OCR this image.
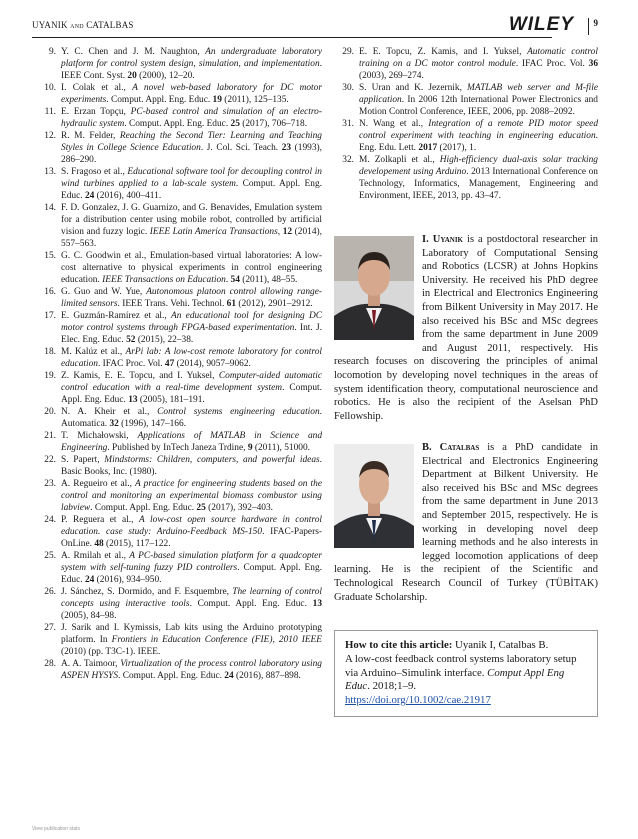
UYANIK and CATALBAS	WILEY	9
9. Y. C. Chen and J. M. Naughton, An undergraduate laboratory platform for control system design, simulation, and implementation. IEEE Cont. Syst. 20 (2000), 12–20.
10. I. Colak et al., A novel web-based laboratory for DC motor experiments. Comput. Appl. Eng. Educ. 19 (2011), 125–135.
11. E. Erzan Topçu, PC-based control and simulation of an electro-hydraulic system. Comput. Appl. Eng. Educ. 25 (2017), 706–718.
12. R. M. Felder, Reaching the Second Tier: Learning and Teaching Styles in College Science Education. J. Col. Sci. Teach. 23 (1993), 286–290.
13. S. Fragoso et al., Educational software tool for decoupling control in wind turbines applied to a lab-scale system. Comput. Appl. Eng. Educ. 24 (2016), 400–411.
14. F. D. Gonzalez, J. G. Guarnizo, and G. Benavides, Emulation system for a distribution center using mobile robot, controlled by artificial vision and fuzzy logic. IEEE Latin America Transactions, 12 (2014), 557–563.
15. G. C. Goodwin et al., Emulation-based virtual laboratories: A low-cost alternative to physical experiments in control engineering education. IEEE Transactions on Education. 54 (2011), 48–55.
16. G. Guo and W. Yue, Autonomous platoon control allowing range-limited sensors. IEEE Trans. Vehi. Technol. 61 (2012), 2901–2912.
17. E. Guzmán-Ramírez et al., An educational tool for designing DC motor control systems through FPGA-based experimentation. Int. J. Elec. Eng. Educ. 52 (2015), 22–38.
18. M. Kalúz et al., ArPi lab: A low-cost remote laboratory for control education. IFAC Proc. Vol. 47 (2014), 9057–9062.
19. Z. Kamis, E. E. Topcu, and I. Yuksel, Computer-aided automatic control education with a real-time development system. Comput. Appl. Eng. Educ. 13 (2005), 181–191.
20. N. A. Kheir et al., Control systems engineering education. Automatica. 32 (1996), 147–166.
21. T. Michałowski, Applications of MATLAB in Science and Engineering. Published by InTech Janeza Trdine, 9 (2011), 51000.
22. S. Papert, Mindstorms: Children, computers, and powerful ideas. Basic Books, Inc. (1980).
23. A. Regueiro et al., A practice for engineering students based on the control and monitoring an experimental biomass combustor using labview. Comput. Appl. Eng. Educ. 25 (2017), 392–403.
24. P. Reguera et al., A low-cost open source hardware in control education. case study: Arduino-Feedback MS-150. IFAC-Papers-OnLine. 48 (2015), 117–122.
25. A. Rmilah et al., A PC-based simulation platform for a quadcopter system with self-tuning fuzzy PID controllers. Comput. Appl. Eng. Educ. 24 (2016), 934–950.
26. J. Sánchez, S. Dormido, and F. Esquembre, The learning of control concepts using interactive tools. Comput. Appl. Eng. Educ. 13 (2005), 84–98.
27. J. Sarik and I. Kymissis, Lab kits using the Arduino prototyping platform. In Frontiers in Education Conference (FIE), 2010 IEEE (2010) (pp. T3C-1). IEEE.
28. A. A. Taimoor, Virtualization of the process control laboratory using ASPEN HYSYS. Comput. Appl. Eng. Educ. 24 (2016), 887–898.
29. E. E. Topcu, Z. Kamis, and I. Yuksel, Automatic control training on a DC motor control module. IFAC Proc. Vol. 36 (2003), 269–274.
30. S. Uran and K. Jezernik, MATLAB web server and M-file application. In 2006 12th International Power Electronics and Motion Control Conference, IEEE, 2006, pp. 2088–2092.
31. N. Wang et al., Integration of a remote PID motor speed control experiment with teaching in engineering education. Eng. Edu. Lett. 2017 (2017), 1.
32. M. Zolkapli et al., High-efficiency dual-axis solar tracking developement using Arduino. 2013 International Conference on Technology, Informatics, Management, Engineering and Environment, IEEE, 2013, pp. 43–47.
I. Uyanik is a postdoctoral researcher in Laboratory of Computational Sensing and Robotics (LCSR) at Johns Hopkins University. He received his PhD degree in Electrical and Electronics Engineering from Bilkent University in May 2017. He also received his BSc and MSc degrees from the same department in June 2009 and August 2011, respectively. His research focuses on discovering the principles of animal locomotion by developing novel techniques in the areas of system identification theory, computational neuroscience and robotics. He is also the recipient of the Aselsan PhD Fellowship.
B. Catalbas is a PhD candidate in Electrical and Electronics Engineering Department at Bilkent University. He also received his BSc and MSc degrees from the same department in June 2013 and September 2015, respectively. He is working in developing novel deep learning methods and he also interests in legged locomotion applications of deep learning. He is the recipient of the Scientific and Technological Research Council of Turkey (TÜBİTAK) Graduate Scholarship.
How to cite this article: Uyanik I, Catalbas B.
A low-cost feedback control systems laboratory setup via Arduino–Simulink interface. Comput Appl Eng Educ. 2018;1–9.
https://doi.org/10.1002/cae.21917
View publication stats
